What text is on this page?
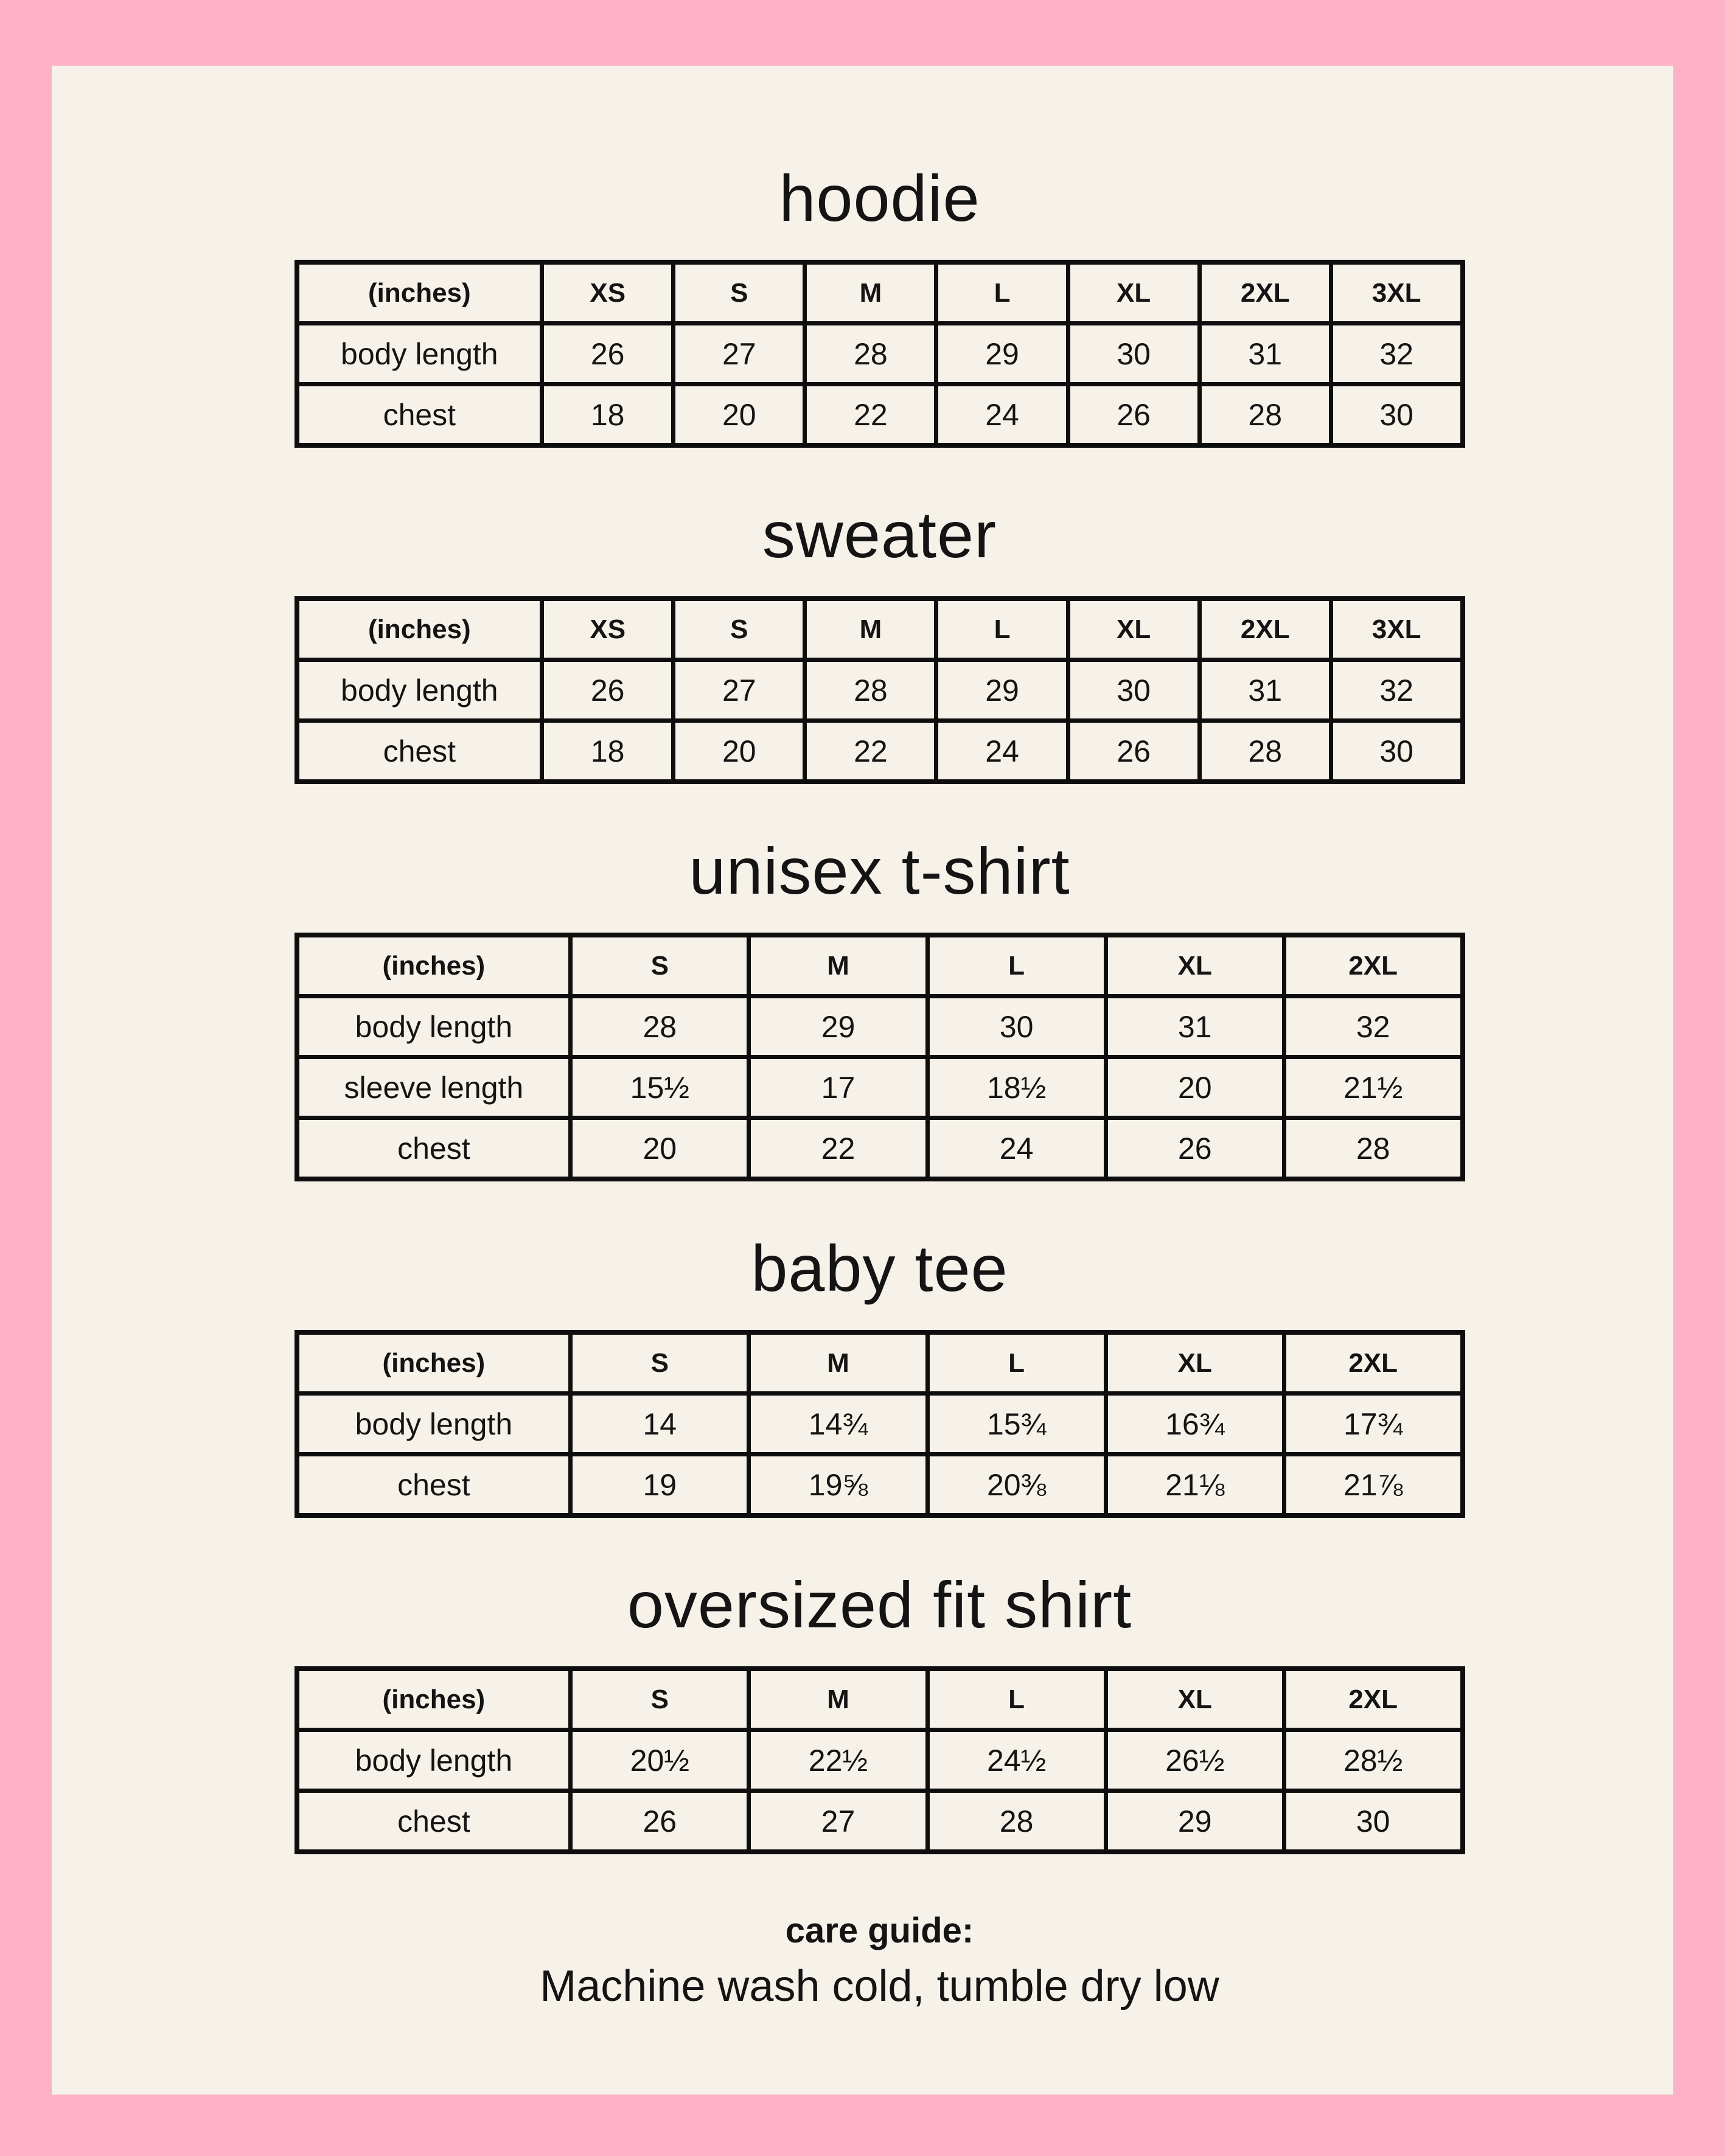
hoodie
(inches)	XS	S	M	L	XL	2XL	3XL
body length	26	27	28	29	30	31	32
chest	18	20	22	24	26	28	30
sweater
(inches)	XS	S	M	L	XL	2XL	3XL
body length	26	27	28	29	30	31	32
chest	18	20	22	24	26	28	30
unisex t-shirt
(inches)	S	M	L	XL	2XL
body length	28	29	30	31	32
sleeve length	15½	17	18½	20	21½
chest	20	22	24	26	28
baby tee
(inches)	S	M	L	XL	2XL
body length	14	14¾	15¾	16¾	17¾
chest	19	19⅝	20⅜	21⅛	21⅞
oversized fit shirt
(inches)	S	M	L	XL	2XL
body length	20½	22½	24½	26½	28½
chest	26	27	28	29	30
care guide:
Machine wash cold, tumble dry low
